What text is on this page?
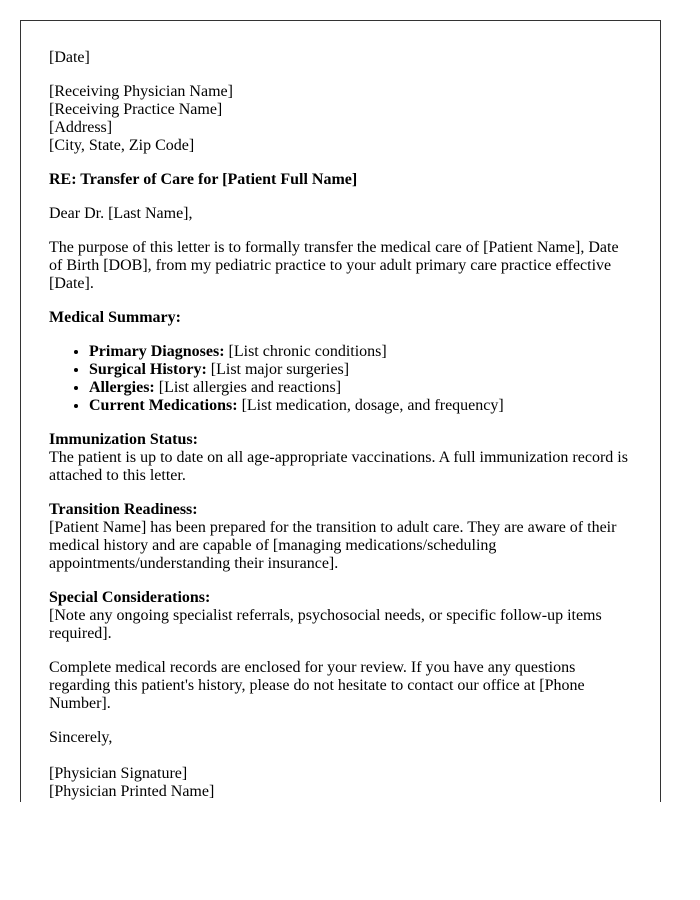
[Date]

[Receiving Physician Name]
[Receiving Practice Name]
[Address]
[City, State, Zip Code]

RE: Transfer of Care for [Patient Full Name]

Dear Dr. [Last Name],

The purpose of this letter is to formally transfer the medical care of [Patient Name], Date of Birth [DOB], from my pediatric practice to your adult primary care practice effective [Date].

Medical Summary:

• Primary Diagnoses: [List chronic conditions]
• Surgical History: [List major surgeries]
• Allergies: [List allergies and reactions]
• Current Medications: [List medication, dosage, and frequency]

Immunization Status:
The patient is up to date on all age-appropriate vaccinations. A full immunization record is attached to this letter.

Transition Readiness:
[Patient Name] has been prepared for the transition to adult care. They are aware of their medical history and are capable of [managing medications/scheduling appointments/understanding their insurance].

Special Considerations:
[Note any ongoing specialist referrals, psychosocial needs, or specific follow-up items required].

Complete medical records are enclosed for your review. If you have any questions regarding this patient's history, please do not hesitate to contact our office at [Phone Number].

Sincerely,

[Physician Signature]
[Physician Printed Name]
